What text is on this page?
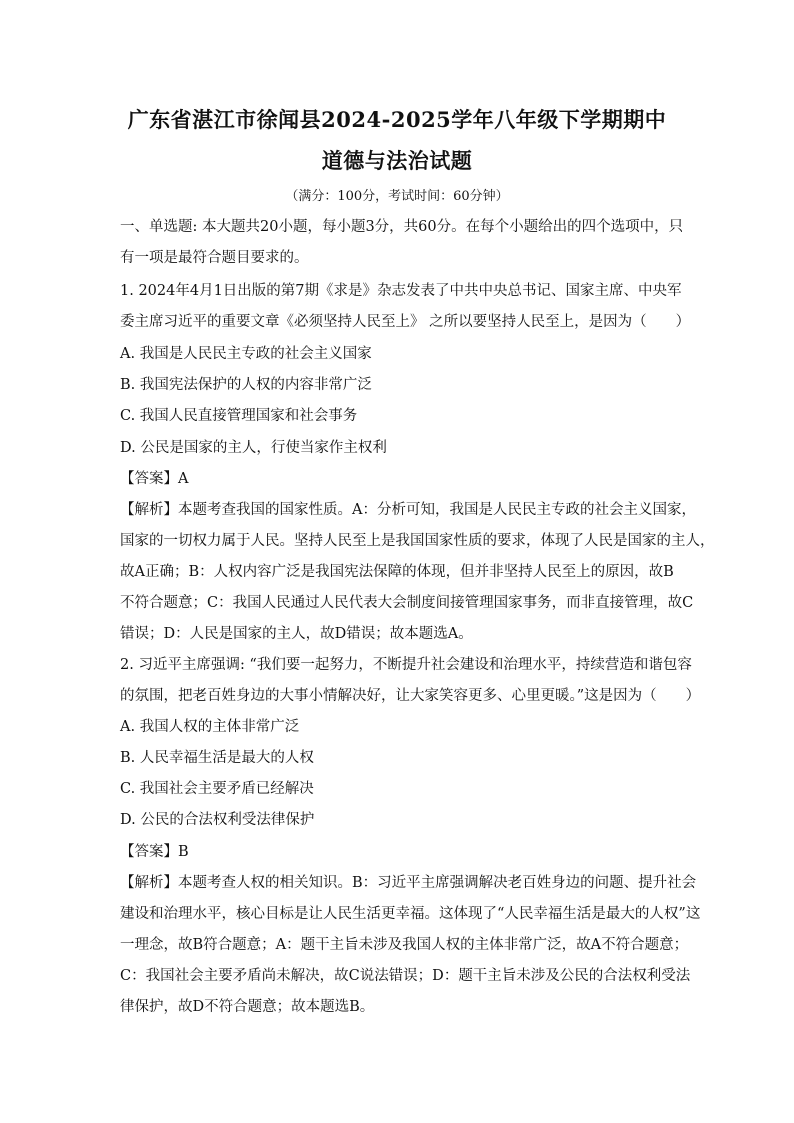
广东省湛江市徐闻县2024-2025学年八年级下学期期中
道德与法治试题
（满分：100分，考试时间：60分钟）
一、单选题: 本大题共20小题，每小题3分，共60分。在每个小题给出的四个选项中，只
有一项是最符合题目要求的。
1. 2024年4月1日出版的第7期《求是》杂志发表了中共中央总书记、国家主席、中央军
委主席习近平的重要文章《必须坚持人民至上》 之所以要坚持人民至上，是因为（　　）
A. 我国是人民民主专政的社会主义国家
B. 我国宪法保护的人权的内容非常广泛
C. 我国人民直接管理国家和社会事务
D. 公民是国家的主人，行使当家作主权利
【答案】A
【解析】本题考查我国的国家性质。A：分析可知，我国是人民民主专政的社会主义国家，
国家的一切权力属于人民。坚持人民至上是我国国家性质的要求，体现了人民是国家的主人，
故A正确；B：人权内容广泛是我国宪法保障的体现，但并非坚持人民至上的原因，故B
不符合题意；C：我国人民通过人民代表大会制度间接管理国家事务，而非直接管理，故C
错误；D：人民是国家的主人，故D错误；故本题选A。
2. 习近平主席强调: “我们要一起努力，不断提升社会建设和治理水平，持续营造和谐包容
的氛围，把老百姓身边的大事小情解决好，让大家笑容更多、心里更暖。”这是因为（　　）
A. 我国人权的主体非常广泛
B. 人民幸福生活是最大的人权
C. 我国社会主要矛盾已经解决
D. 公民的合法权利受法律保护
【答案】B
【解析】本题考查人权的相关知识。B：习近平主席强调解决老百姓身边的问题、提升社会
建设和治理水平，核心目标是让人民生活更幸福。这体现了“人民幸福生活是最大的人权”这
一理念，故B符合题意；A：题干主旨未涉及我国人权的主体非常广泛，故A不符合题意；
C：我国社会主要矛盾尚未解决，故C说法错误；D：题干主旨未涉及公民的合法权利受法
律保护，故D不符合题意；故本题选B。
